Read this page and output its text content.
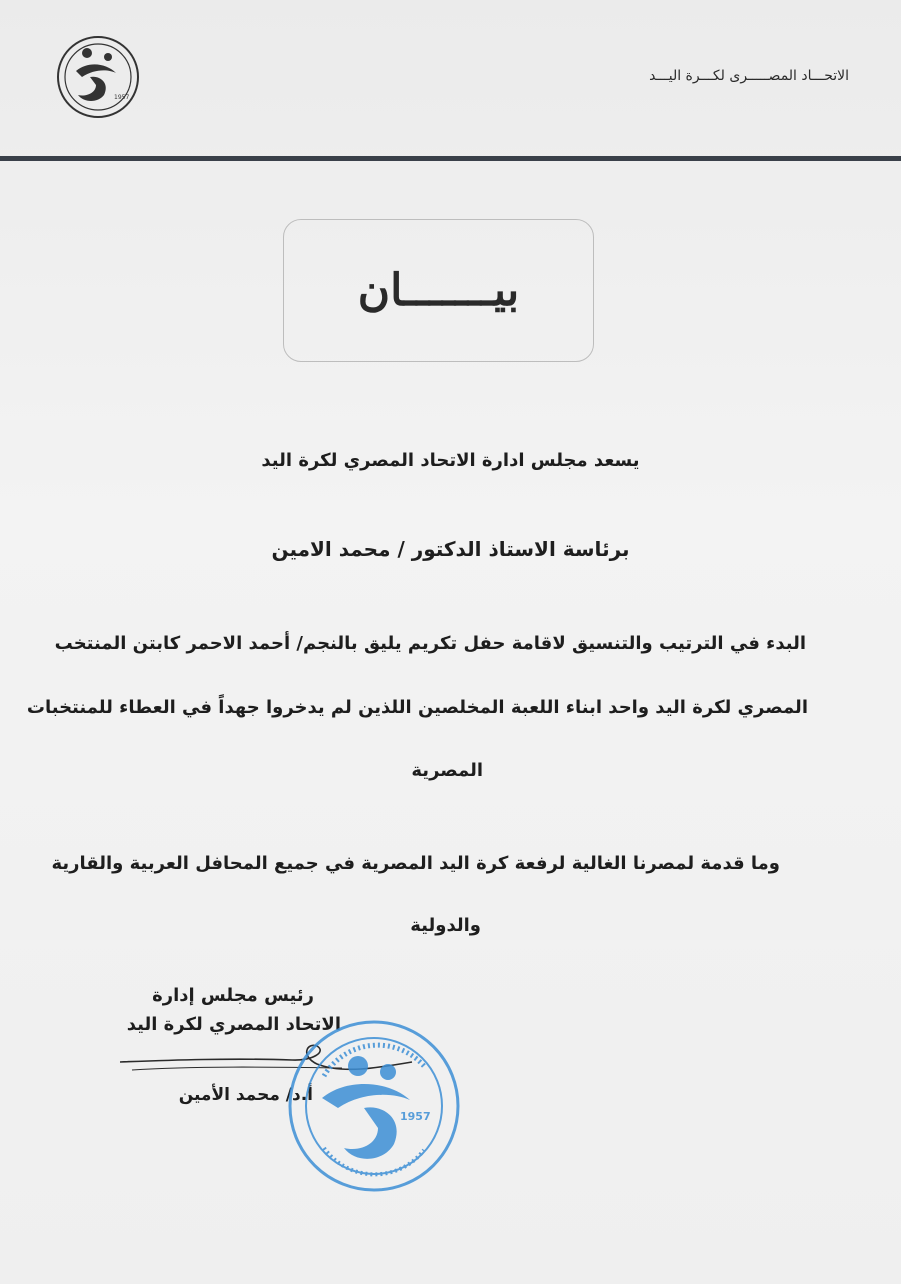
1957
الاتحـــاد المصـــــرى لكـــرة اليـــد
بيـــــــان
يسعد مجلس ادارة الاتحاد المصري لكرة اليد
برئاسة الاستاذ الدكتور / محمد الامين
البدء في الترتيب والتنسيق لاقامة حفل تكريم يليق بالنجم/ أحمد الاحمر كابتن المنتخب
المصري لكرة اليد واحد ابناء اللعبة المخلصين اللذين لم يدخروا جهداً في العطاء للمنتخبات
المصرية
وما قدمة لمصرنا الغالية لرفعة كرة اليد المصرية في جميع المحافل العربية والقارية
والدولية
رئيس مجلس إدارة
الاتحاد المصري لكرة اليد
أ.د/ محمد الأمين
1957
